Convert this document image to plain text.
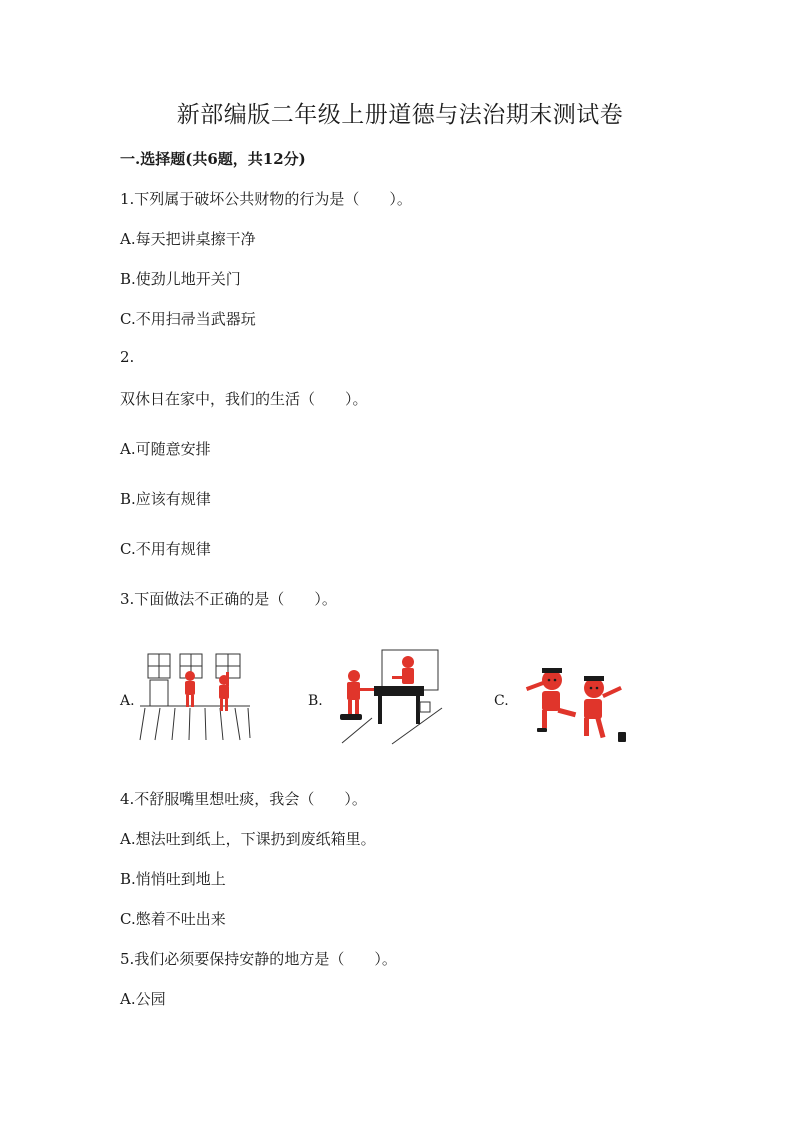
新部编版二年级上册道德与法治期末测试卷
一.选择题(共6题，共12分)
1.下列属于破坏公共财物的行为是（　　）。
A.每天把讲桌擦干净
B.使劲儿地开关门
C.不用扫帚当武器玩
2.
双休日在家中，我们的生活（　　）。
A.可随意安排
B.应该有规律
C.不用有规律
3.下面做法不正确的是（　　）。
A.	B.	C.
4.不舒服嘴里想吐痰，我会（　　）。
A.想法吐到纸上，下课扔到废纸箱里。
B.悄悄吐到地上
C.憋着不吐出来
5.我们必须要保持安静的地方是（　　）。
A.公园
